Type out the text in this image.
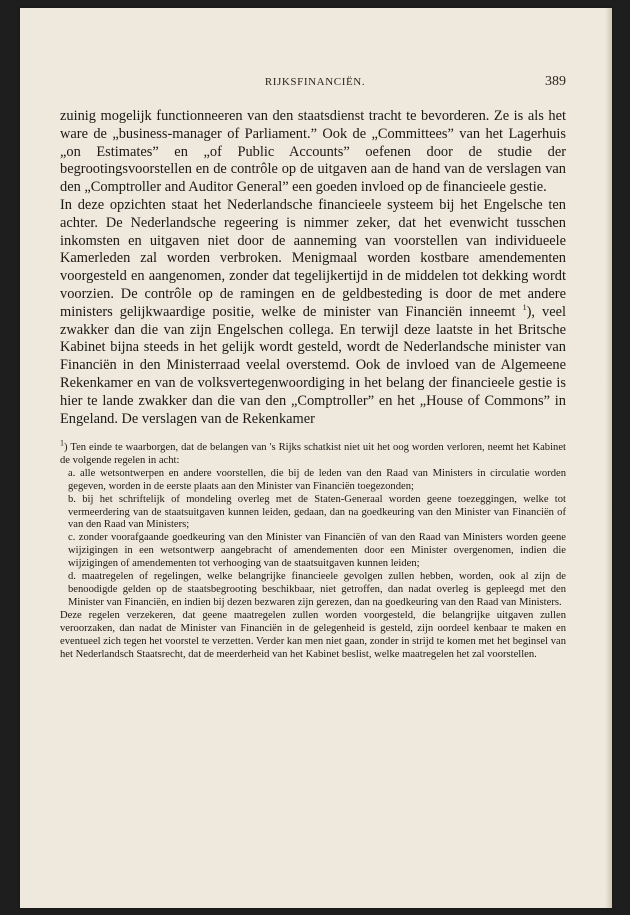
RIJKSFINANCIËN.	389

zuinig mogelijk functionneeren van den staatsdienst tracht te bevorderen. Ze is als het ware de „business-manager of Parliament.” Ook de „Committees” van het Lagerhuis „on Estimates” en „of Public Accounts” oefenen door de studie der begrootingsvoorstellen en de contrôle op de uitgaven aan de hand van de verslagen van den „Comptroller and Auditor General” een goeden invloed op de financieele gestie.

In deze opzichten staat het Nederlandsche financieele systeem bij het Engelsche ten achter. De Nederlandsche regeering is nimmer zeker, dat het evenwicht tusschen inkomsten en uitgaven niet door de aanneming van voorstellen van individueele Kamerleden zal worden verbroken. Menigmaal worden kostbare amendementen voorgesteld en aangenomen, zonder dat tegelijkertijd in de middelen tot dekking wordt voorzien. De contrôle op de ramingen en de geldbesteding is door de met andere ministers gelijkwaardige positie, welke de minister van Financiën inneemt $^1$), veel zwakker dan die van zijn Engelschen collega. En terwijl deze laatste in het Britsche Kabinet bijna steeds in het gelijk wordt gesteld, wordt de Nederlandsche minister van Financiën in den Ministerraad veelal overstemd. Ook de invloed van de Algemeene Rekenkamer en van de volksvertegenwoordiging in het belang der financieele gestie is hier te lande zwakker dan die van den „Comptroller” en het „House of Commons” in Engeland. De verslagen van de Rekenkamer

$^1$) Ten einde te waarborgen, dat de belangen van 's Rijks schatkist niet uit het oog worden verloren, neemt het Kabinet de volgende regelen in acht:

a. alle wetsontwerpen en andere voorstellen, die bij de leden van den Raad van Ministers in circulatie worden gegeven, worden in de eerste plaats aan den Minister van Financiën toegezonden;

b. bij het schriftelijk of mondeling overleg met de Staten-Generaal worden geene toezeggingen, welke tot vermeerdering van de staatsuitgaven kunnen leiden, gedaan, dan na goedkeuring van den Minister van Financiën of van den Raad van Ministers;

c. zonder voorafgaande goedkeuring van den Minister van Financiën of van den Raad van Ministers worden geene wijzigingen in een wetsontwerp aangebracht of amendementen door een Minister overgenomen, indien die wijzigingen of amendementen tot verhooging van de staatsuitgaven kunnen leiden;

d. maatregelen of regelingen, welke belangrijke financieele gevolgen zullen hebben, worden, ook al zijn de benoodigde gelden op de staatsbegrooting beschikbaar, niet getroffen, dan nadat overleg is gepleegd met den Minister van Financiën, en indien bij dezen bezwaren zijn gerezen, dan na goedkeuring van den Raad van Ministers.

Deze regelen verzekeren, dat geene maatregelen zullen worden voorgesteld, die belangrijke uitgaven zullen veroorzaken, dan nadat de Minister van Financiën in de gelegenheid is gesteld, zijn oordeel kenbaar te maken en eventueel zich tegen het voorstel te verzetten. Verder kan men niet gaan, zonder in strijd te komen met het beginsel van het Nederlandsch Staatsrecht, dat de meerderheid van het Kabinet beslist, welke maatregelen het zal voorstellen.
